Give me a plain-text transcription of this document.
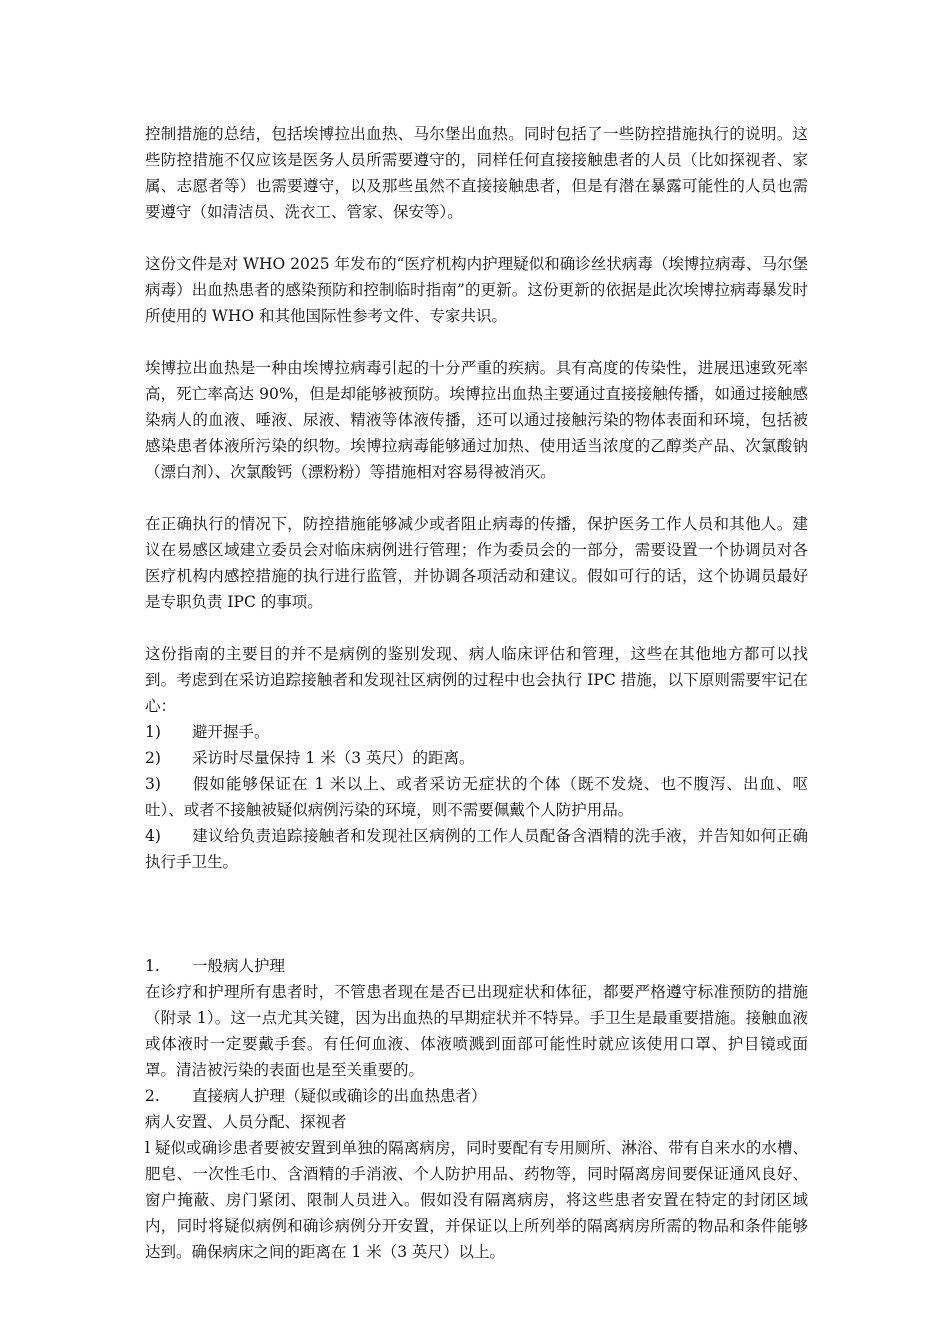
控制措施的总结，包括埃博拉出血热、马尔堡出血热。同时包括了一些防控措施执行的说明。这些防控措施不仅应该是医务人员所需要遵守的，同样任何直接接触患者的人员（比如探视者、家属、志愿者等）也需要遵守，以及那些虽然不直接接触患者，但是有潜在暴露可能性的人员也需要遵守（如清洁员、洗衣工、管家、保安等）。

这份文件是对 WHO 2025 年发布的“医疗机构内护理疑似和确诊丝状病毒（埃博拉病毒、马尔堡病毒）出血热患者的感染预防和控制临时指南”的更新。这份更新的依据是此次埃博拉病毒暴发时所使用的 WHO 和其他国际性参考文件、专家共识。

埃博拉出血热是一种由埃博拉病毒引起的十分严重的疾病。具有高度的传染性，进展迅速致死率高，死亡率高达 90%，但是却能够被预防。埃博拉出血热主要通过直接接触传播，如通过接触感染病人的血液、唾液、尿液、精液等体液传播，还可以通过接触污染的物体表面和环境，包括被感染患者体液所污染的织物。埃博拉病毒能够通过加热、使用适当浓度的乙醇类产品、次氯酸钠（漂白剂）、次氯酸钙（漂粉粉）等措施相对容易得被消灭。

在正确执行的情况下，防控措施能够减少或者阻止病毒的传播，保护医务工作人员和其他人。建议在易感区域建立委员会对临床病例进行管理；作为委员会的一部分，需要设置一个协调员对各医疗机构内感控措施的执行进行监管，并协调各项活动和建议。假如可行的话，这个协调员最好是专职负责 IPC 的事项。

这份指南的主要目的并不是病例的鉴别发现、病人临床评估和管理，这些在其他地方都可以找到。考虑到在采访追踪接触者和发现社区病例的过程中也会执行 IPC 措施，以下原则需要牢记在心：

1)	避开握手。
2)	采访时尽量保持 1 米（3 英尺）的距离。

3) 假如能够保证在 1 米以上、或者采访无症状的个体（既不发烧、也不腹泻、出血、呕吐）、或者不接触被疑似病例污染的环境，则不需要佩戴个人防护用品。

4) 建议给负责追踪接触者和发现社区病例的工作人员配备含酒精的洗手液，并告知如何正确执行手卫生。

1.	一般病人护理

在诊疗和护理所有患者时，不管患者现在是否已出现症状和体征，都要严格遵守标准预防的措施（附录 1）。这一点尤其关键，因为出血热的早期症状并不特异。手卫生是最重要措施。接触血液或体液时一定要戴手套。有任何血液、体液喷溅到面部可能性时就应该使用口罩、护目镜或面罩。清洁被污染的表面也是至关重要的。

2.	直接病人护理（疑似或确诊的出血热患者）

病人安置、人员分配、探视者

l 疑似或确诊患者要被安置到单独的隔离病房，同时要配有专用厕所、淋浴、带有自来水的水槽、肥皂、一次性毛巾、含酒精的手消液、个人防护用品、药物等，同时隔离房间要保证通风良好、窗户掩蔽、房门紧闭、限制人员进入。假如没有隔离病房，将这些患者安置在特定的封闭区域内，同时将疑似病例和确诊病例分开安置，并保证以上所列举的隔离病房所需的物品和条件能够达到。确保病床之间的距离在 1 米（3 英尺）以上。
